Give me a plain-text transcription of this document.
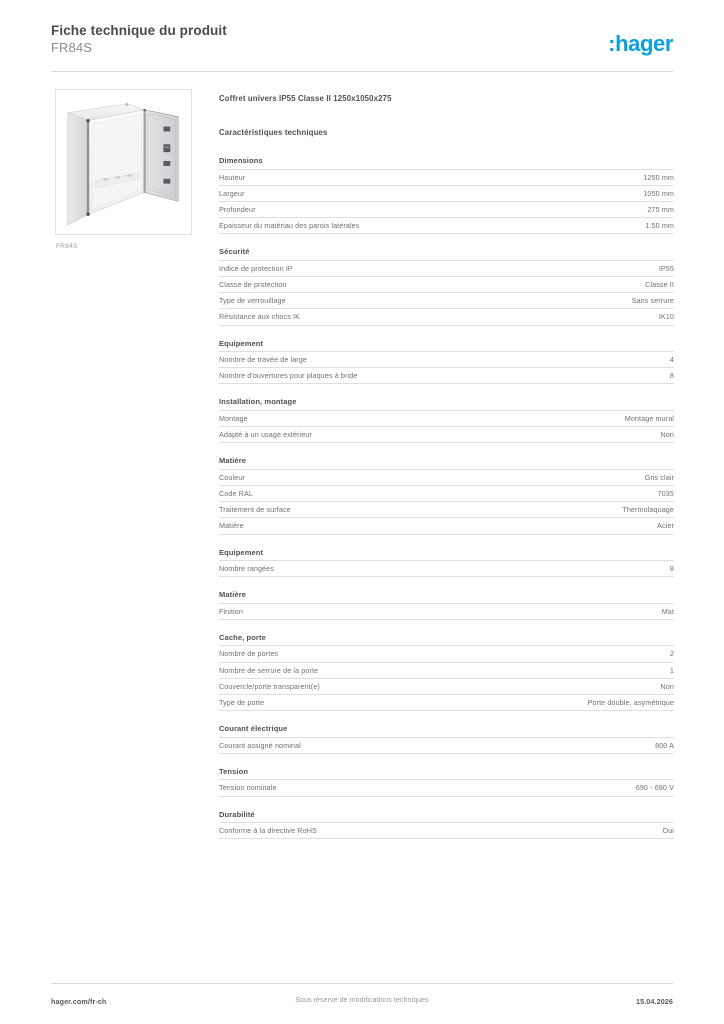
Fiche technique du produit
FR84S	:hager
FR84S
Coffret univers IP55 Classe II 1250x1050x275
Caractéristiques techniques
Dimensions
Hauteur	1250 mm
Largeur	1050 mm
Profondeur	275 mm
Epaisseur du matériau des parois latérales	1.50 mm
Sécurité
Indice de protection IP	IP55
Classe de protection	Classe II
Type de verrouillage	Sans serrure
Résistance aux chocs IK	IK10
Equipement
Nombre de travée de large	4
Nombre d'ouvertures pour plaques à bride	8
Installation, montage
Montage	Montage mural
Adapté à un usage extérieur	Non
Matière
Couleur	Gris clair
Code RAL	7035
Traitement de surface	Thermolaquage
Matière	Acier
Equipement
Nombre rangées	8
Matière
Finition	Mat
Cache, porte
Nombre de portes	2
Nombre de serrure de la porte	1
Couvercle/porte transparent(e)	Non
Type de porte	Porte double, asymétrique
Courant électrique
Courant assigné nominal	800 A
Tension
Tension nominale	690 - 690 V
Durabilité
Conforme à la directive RoHS	Oui
hager.com/fr-ch	Sous réserve de modifications techniques	15.04.2026
